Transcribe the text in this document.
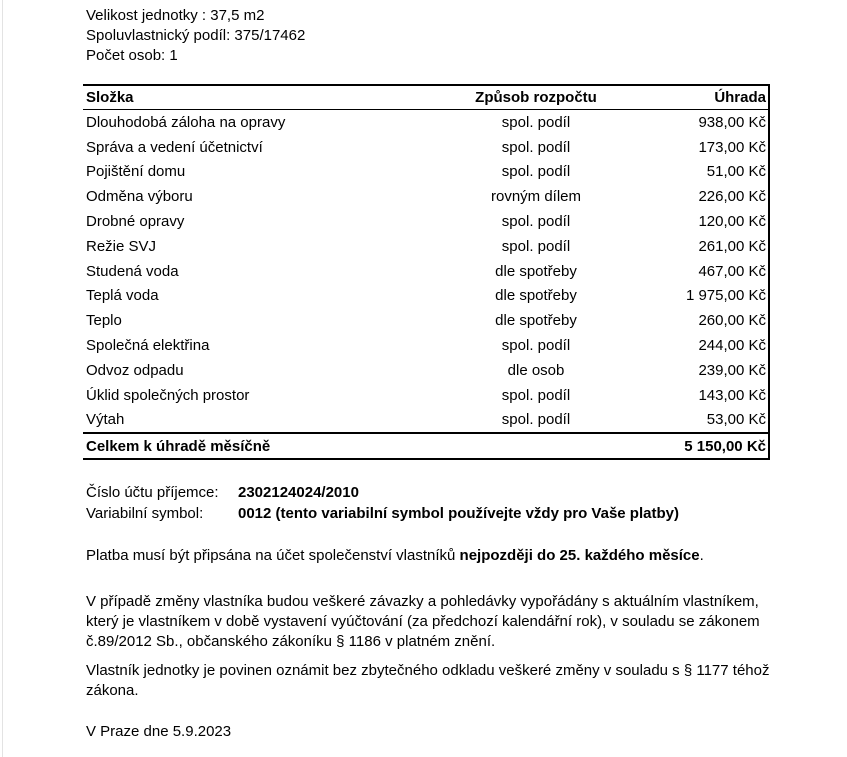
Velikost jednotky : 37,5 m2
Spoluvlastnický podíl: 375/17462
Počet osob: 1
Složka	Způsob rozpočtu	Úhrada
Dlouhodobá záloha na opravy	spol. podíl	938,00 Kč
Správa a vedení účetnictví	spol. podíl	173,00 Kč
Pojištění domu	spol. podíl	51,00 Kč
Odměna výboru	rovným dílem	226,00 Kč
Drobné opravy	spol. podíl	120,00 Kč
Režie SVJ	spol. podíl	261,00 Kč
Studená voda	dle spotřeby	467,00 Kč
Teplá voda	dle spotřeby	1 975,00 Kč
Teplo	dle spotřeby	260,00 Kč
Společná elektřina	spol. podíl	244,00 Kč
Odvoz odpadu	dle osob	239,00 Kč
Úklid společných prostor	spol. podíl	143,00 Kč
Výtah	spol. podíl	53,00 Kč
Celkem k úhradě měsíčně		5 150,00 Kč
Číslo účtu příjemce: 2302124024/2010
Variabilní symbol: 0012 (tento variabilní symbol používejte vždy pro Vaše platby)
Platba musí být připsána na účet společenství vlastníků nejpozději do 25. každého měsíce.
V případě změny vlastníka budou veškeré závazky a pohledávky vypořádány s aktuálním vlastníkem, který je vlastníkem v době vystavení vyúčtování (za předchozí kalendářní rok), v souladu se zákonem č.89/2012 Sb., občanského zákoníku § 1186 v platném znění.
Vlastník jednotky je povinen oznámit bez zbytečného odkladu veškeré změny v souladu s § 1177 téhož zákona.
V Praze dne 5.9.2023
